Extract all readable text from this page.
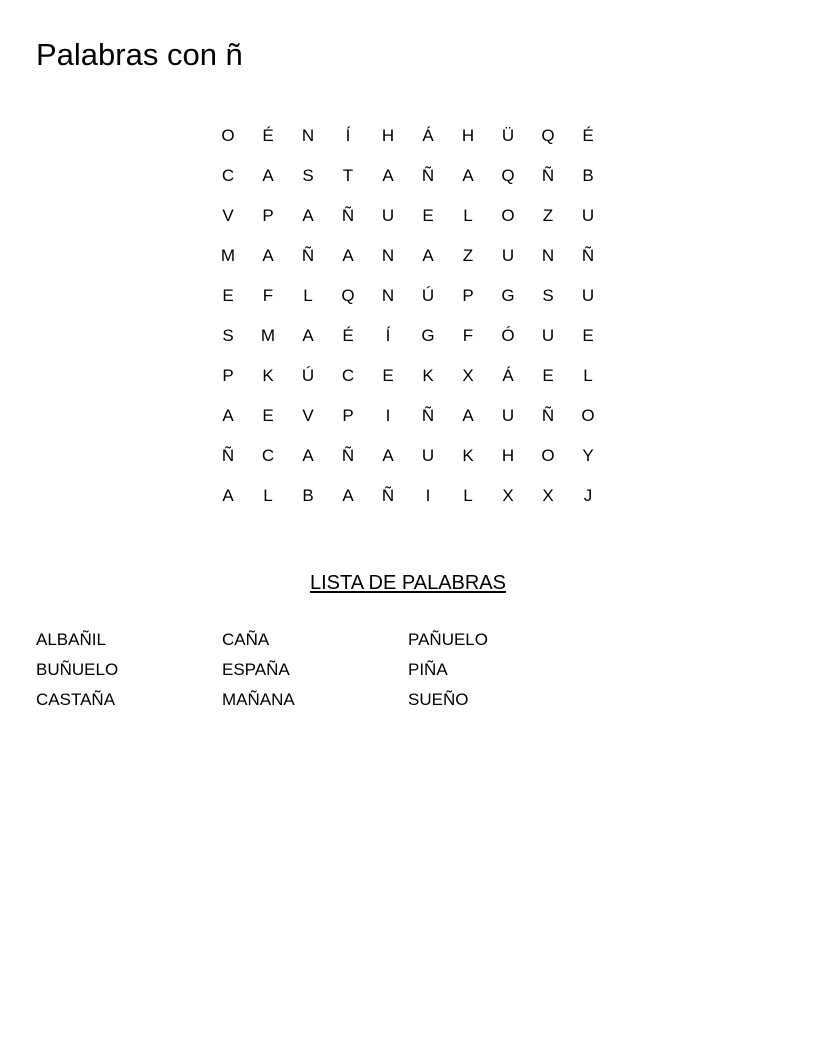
Palabras con ñ
O	É	N	Í	H	Á	H	Ü	Q	É
C	A	S	T	A	Ñ	A	Q	Ñ	B
V	P	A	Ñ	U	E	L	O	Z	U
M	A	Ñ	A	N	A	Z	U	N	Ñ
E	F	L	Q	N	Ú	P	G	S	U
S	M	A	É	Í	G	F	Ó	U	E
P	K	Ú	C	E	K	X	Á	E	L
A	E	V	P	I	Ñ	A	U	Ñ	O
Ñ	C	A	Ñ	A	U	K	H	O	Y
A	L	B	A	Ñ	I	L	X	X	J
LISTA DE PALABRAS
ALBAÑIL	CAÑA	PAÑUELO
BUÑUELO	ESPAÑA	PIÑA
CASTAÑA	MAÑANA	SUEÑO
